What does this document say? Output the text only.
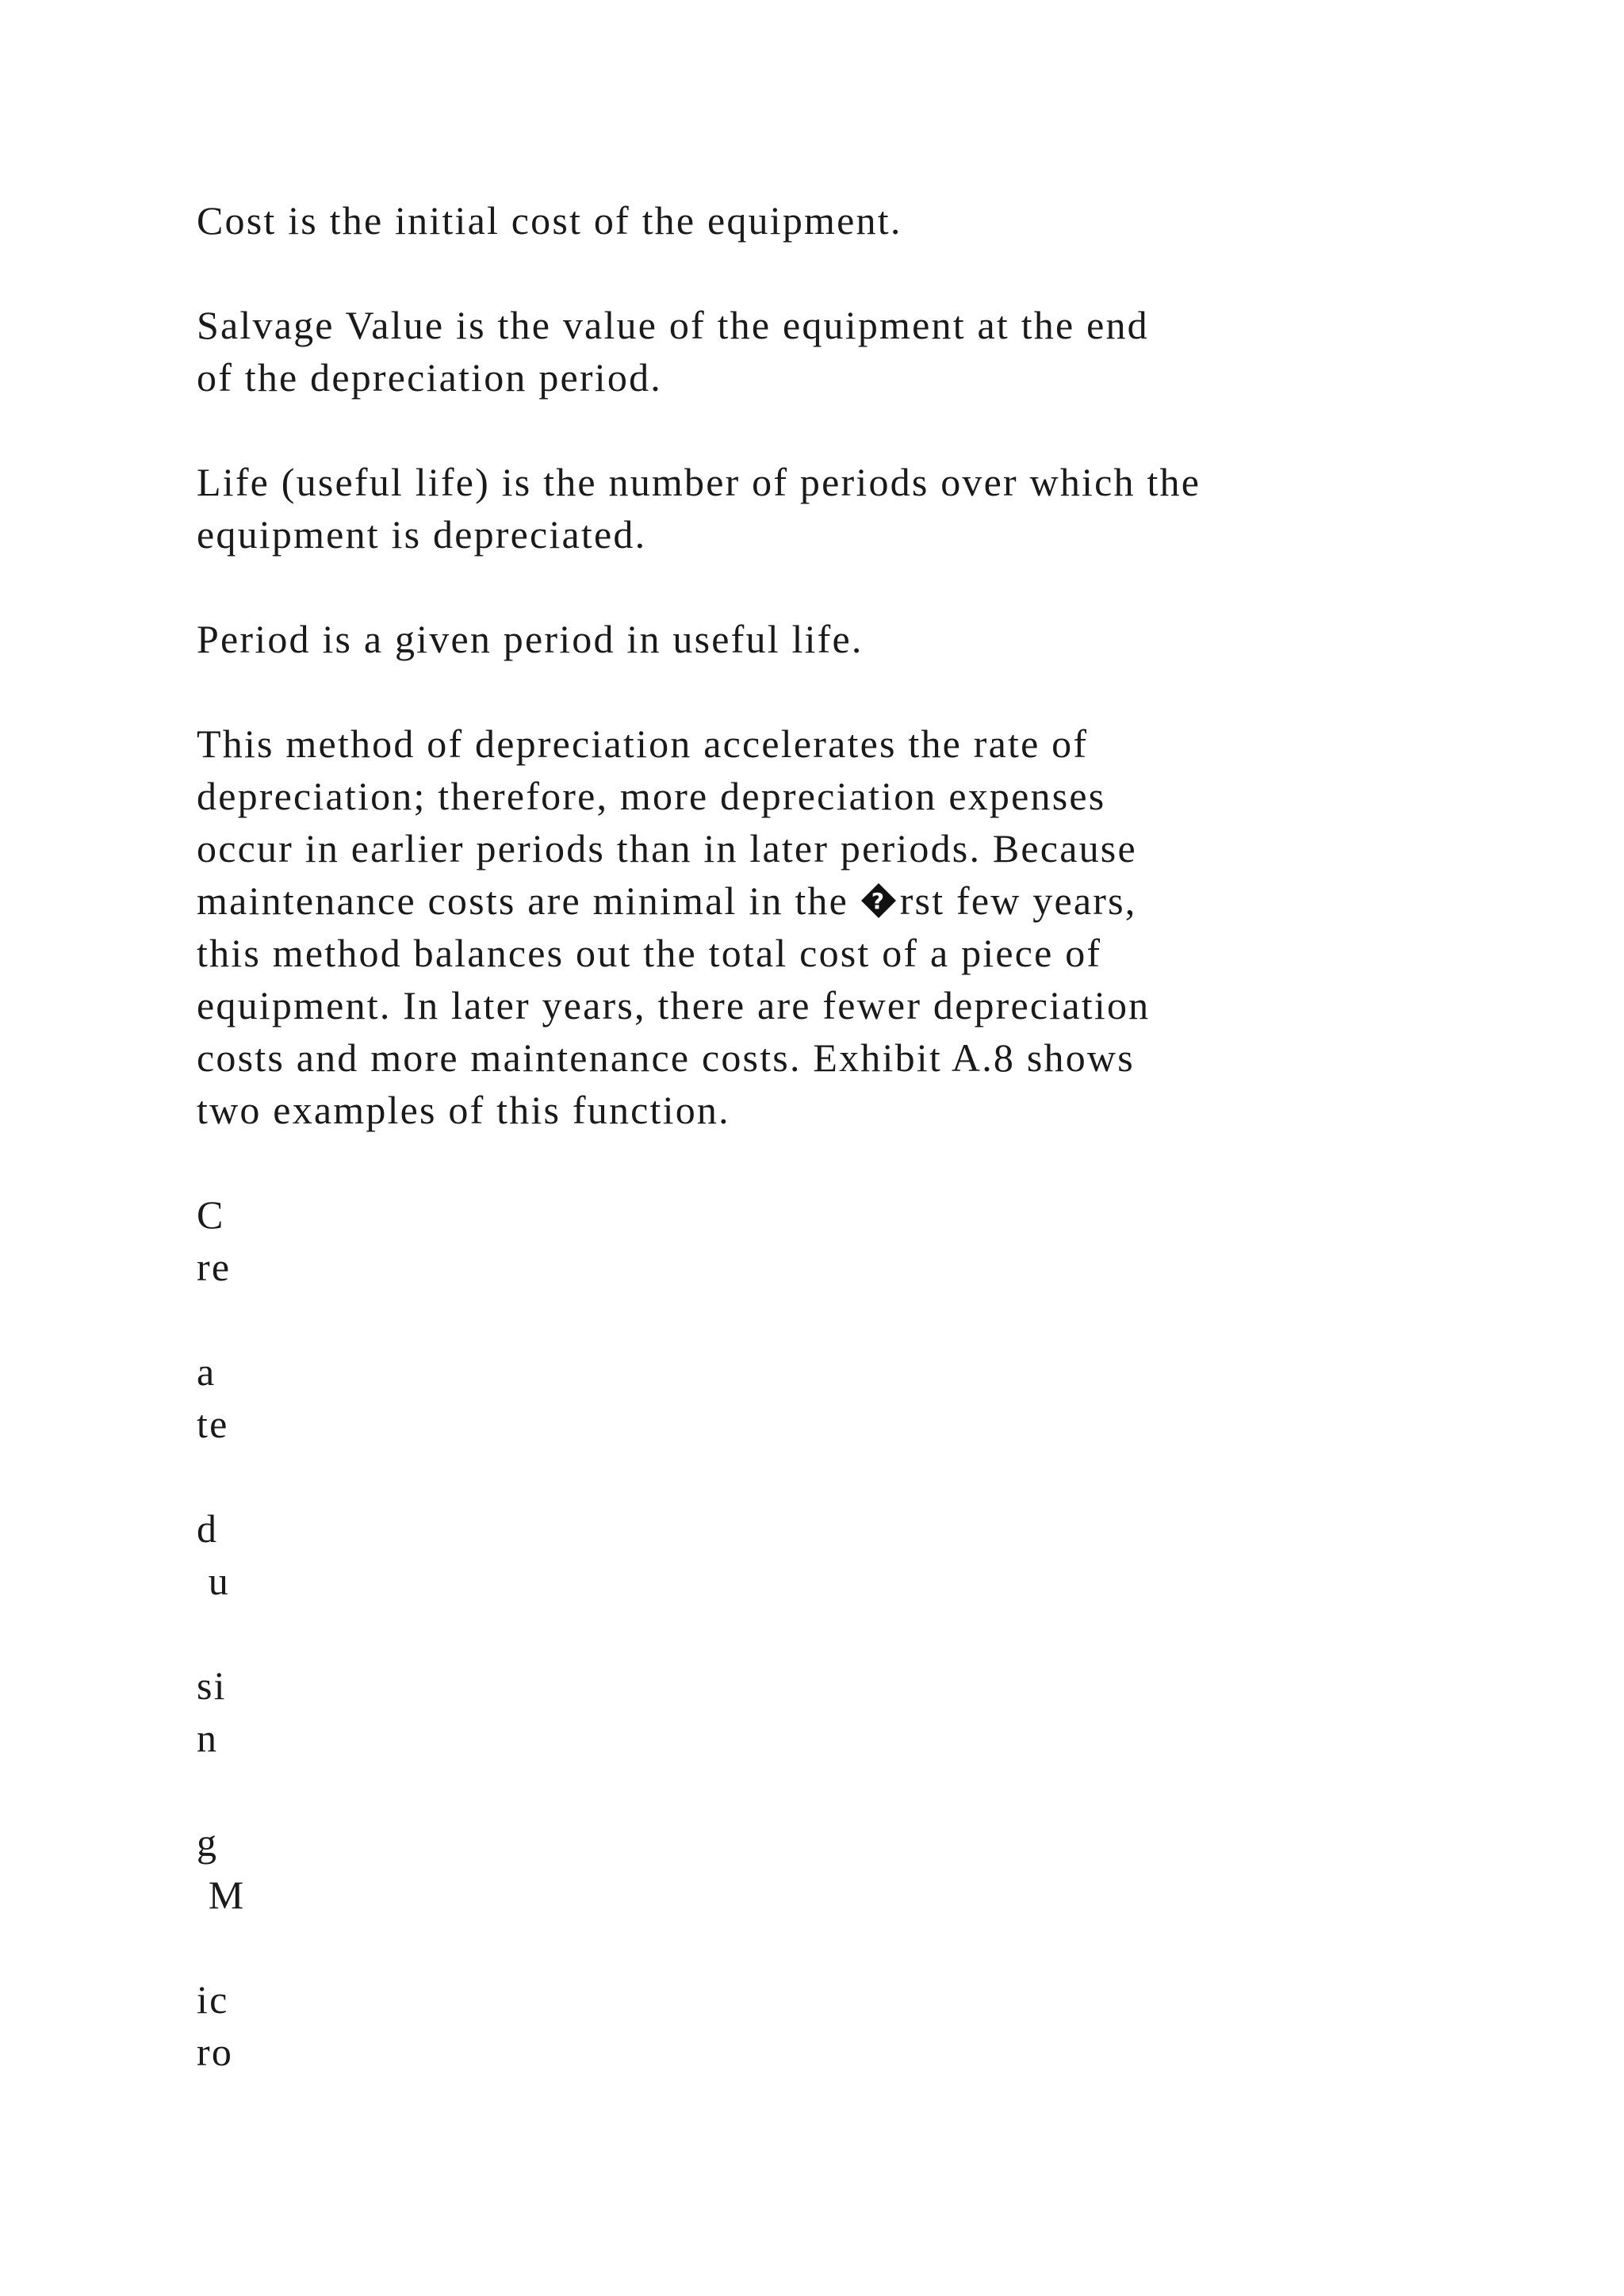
Cost is the initial cost of the equipment.
Salvage Value is the value of the equipment at the end
of the depreciation period.
Life (useful life) is the number of periods over which the
equipment is depreciated.
Period is a given period in useful life.
This method of depreciation accelerates the rate of
depreciation; therefore, more depreciation expenses
occur in earlier periods than in later periods. Because
maintenance costs are minimal in the ? rst few years,
this method balances out the total cost of a piece of
equipment. In later years, there are fewer depreciation
costs and more maintenance costs. Exhibit A.8 shows
two examples of this function.
C
re
a
te
d
u
si
n
g
M
ic
ro
